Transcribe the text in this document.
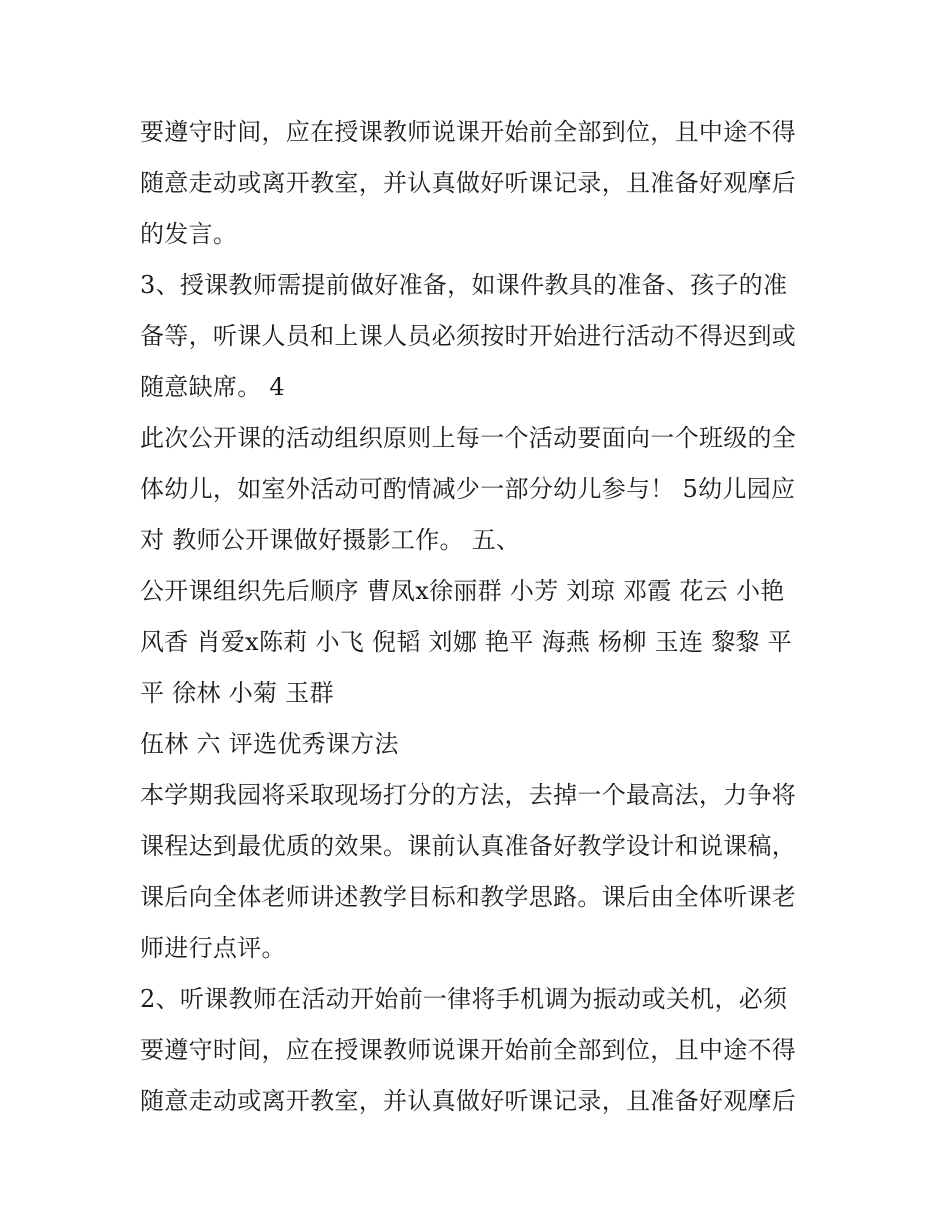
要遵守时间，应在授课教师说课开始前全部到位，且中途不得
随意走动或离开教室，并认真做好听课记录，且准备好观摩后
的发言。
3、授课教师需提前做好准备，如课件教具的准备、孩子的准
备等，听课人员和上课人员必须按时开始进行活动不得迟到或
随意缺席。 4
此次公开课的活动组织原则上每一个活动要面向一个班级的全
体幼儿，如室外活动可酌情减少一部分幼儿参与！ 5幼儿园应
对 教师公开课做好摄影工作。 五、
公开课组织先后顺序 曹凤x徐丽群 小芳 刘琼 邓霞 花云 小艳
风香 肖爱x陈莉 小飞 倪韬 刘娜 艳平 海燕 杨柳 玉连 黎黎 平
平 徐林 小菊 玉群
伍林 六 评选优秀课方法
本学期我园将采取现场打分的方法，去掉一个最高法，力争将
课程达到最优质的效果。课前认真准备好教学设计和说课稿，
课后向全体老师讲述教学目标和教学思路。课后由全体听课老
师进行点评。
2、听课教师在活动开始前一律将手机调为振动或关机，必须
要遵守时间，应在授课教师说课开始前全部到位，且中途不得
随意走动或离开教室，并认真做好听课记录，且准备好观摩后
